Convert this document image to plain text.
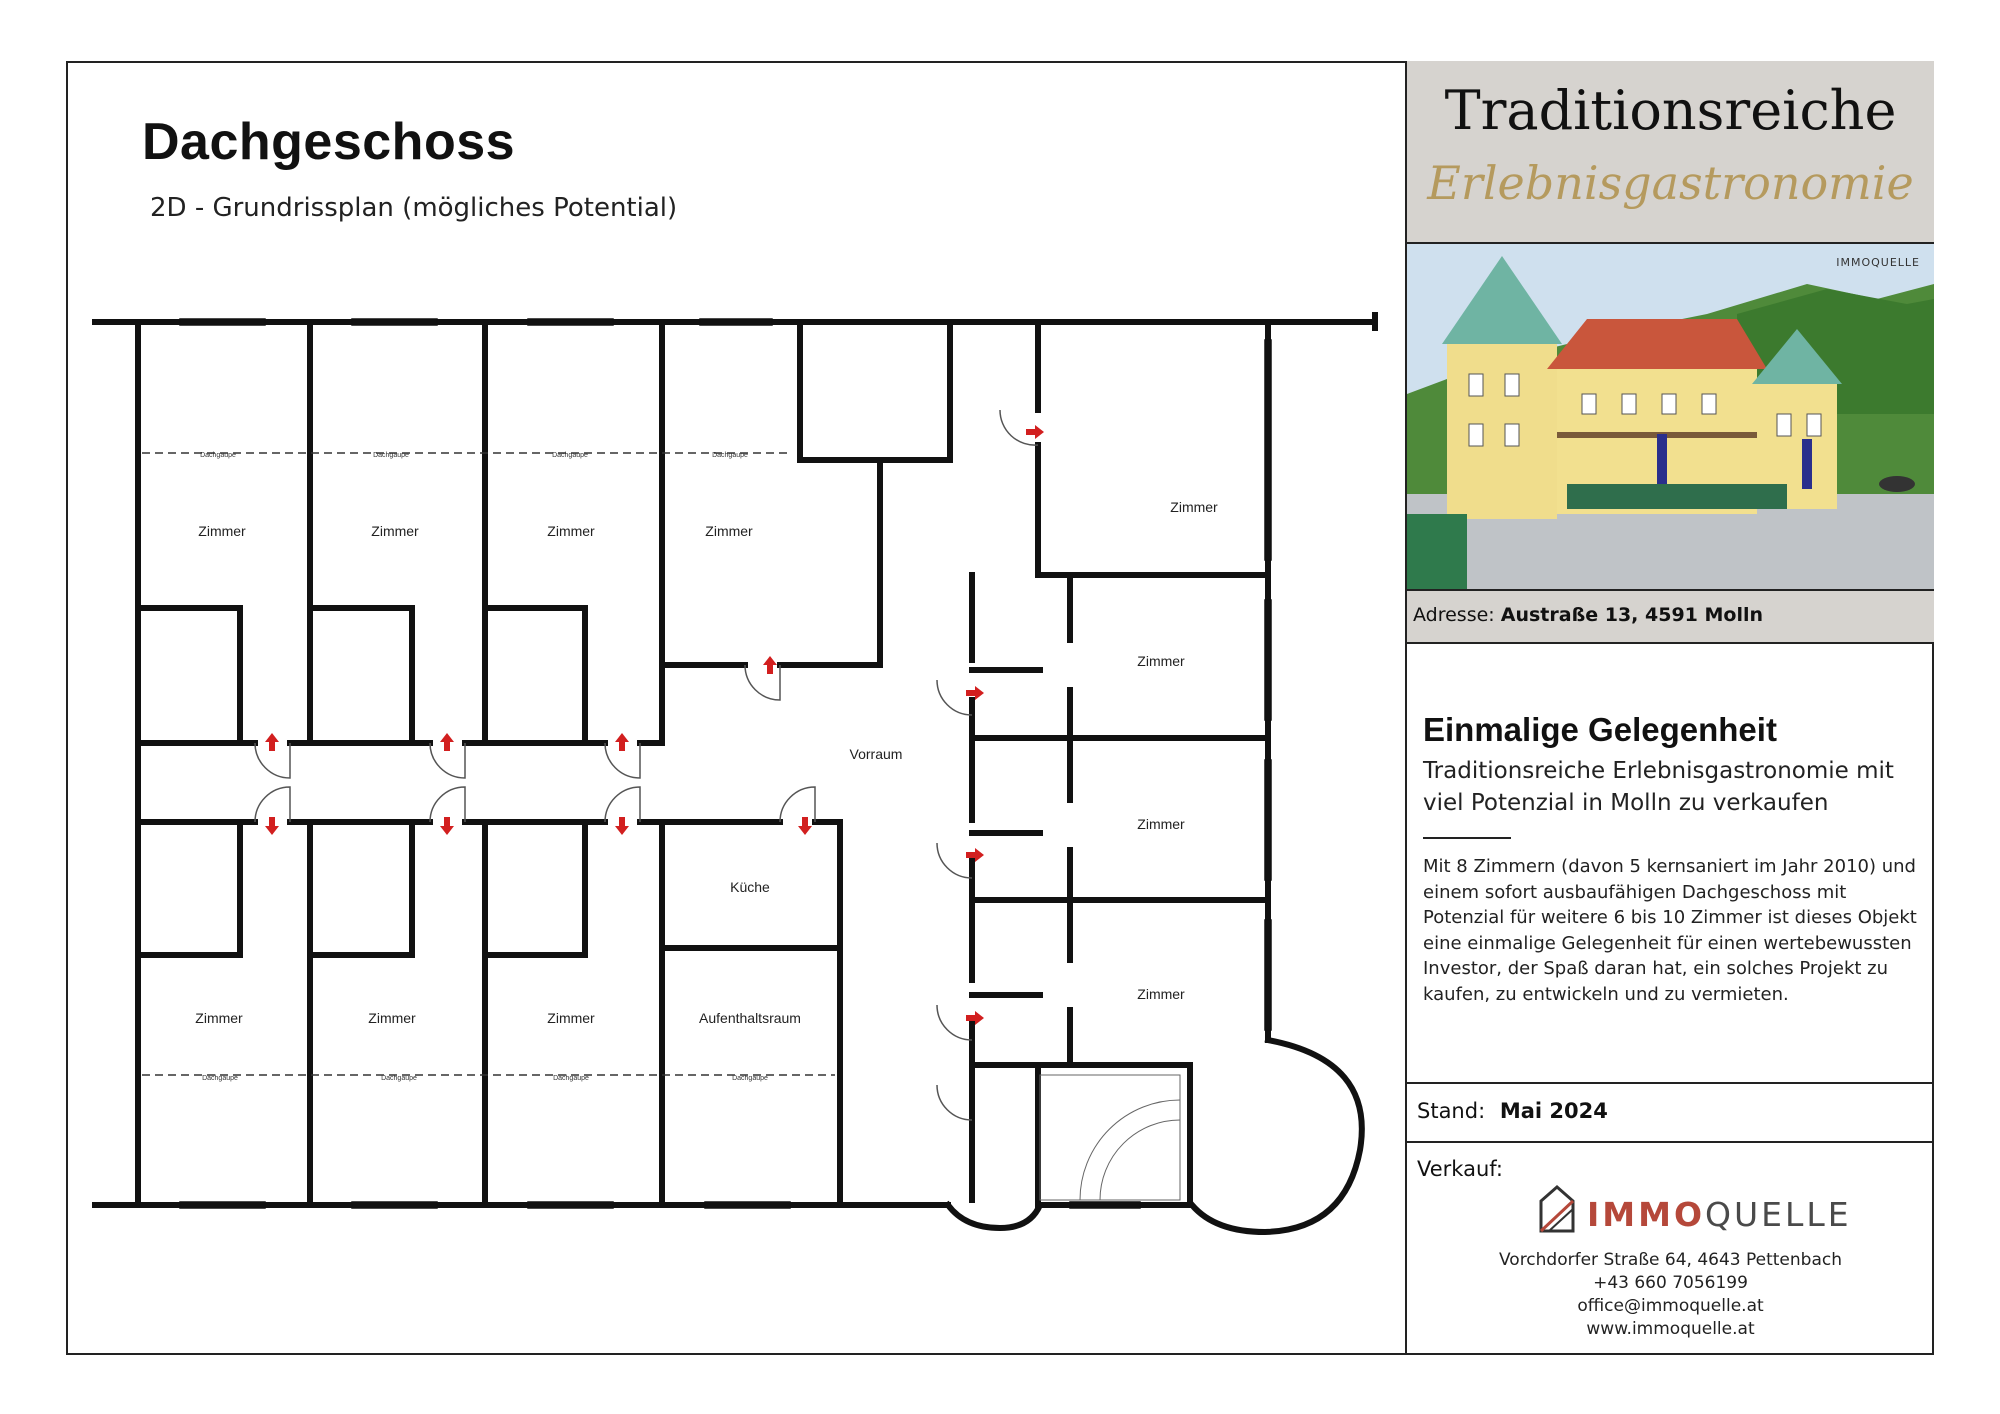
Zimmer	Zimmer	Zimmer	Zimmer
Zimmer	Zimmer	Zimmer
Zimmer
Zimmer
Zimmer
Zimmer
Vorraum
Küche
Aufenthaltsraum
Dachgaupe	Dachgaupe	Dachgaupe	Dachgaupe
Dachgaupe	Dachgaupe	Dachgaupe	Dachgaupe
Dachgeschoss
2D - Grundrissplan (mögliches Potential)
Traditionsreiche
Erlebnisgastronomie
IMMOQUELLE
Adresse: Austraße 13, 4591 Molln
Einmalige Gelegenheit
Traditionsreiche Erlebnisgastronomie mit viel Potenzial in Molln zu verkaufen
Mit 8 Zimmern (davon 5 kernsaniert im Jahr 2010) und einem sofort ausbaufähigen Dachgeschoss mit Potenzial für weitere 6 bis 10 Zimmer ist dieses Objekt eine einmalige Gelegenheit für einen wertebewussten Investor, der Spaß daran hat, ein solches Projekt zu kaufen, zu entwickeln und zu vermieten.
Stand: Mai 2024
Verkauf:
IMMOQUELLE
Vorchdorfer Straße 64, 4643 Pettenbach
+43 660 7056199
office@immoquelle.at
www.immoquelle.at
